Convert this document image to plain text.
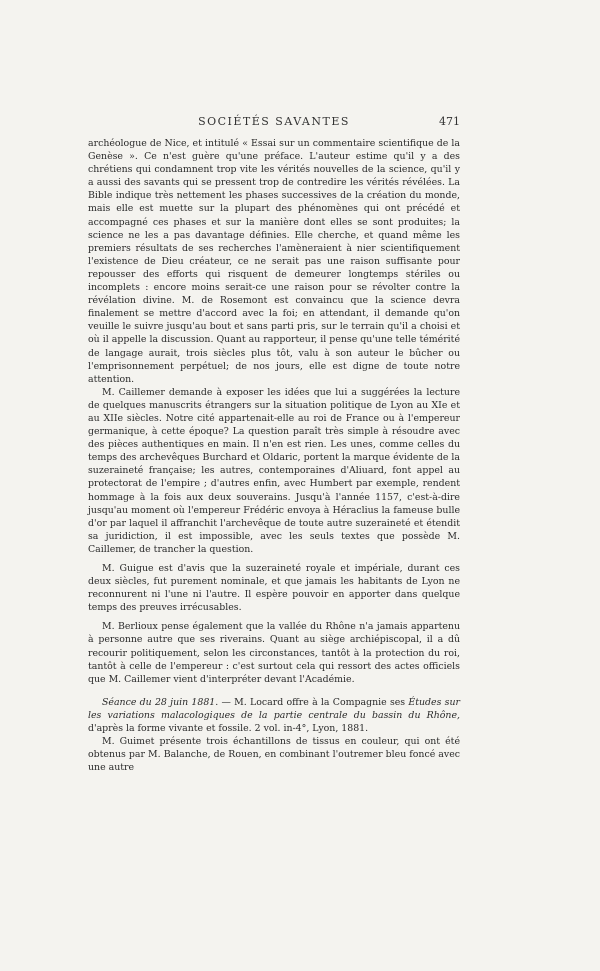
SOCIÉTÉS SAVANTES	471

archéologue de Nice, et intitulé « Essai sur un commentaire scientifique de la Genèse ». Ce n'est guère qu'une préface. L'auteur estime qu'il y a des chrétiens qui condamnent trop vite les vérités nouvelles de la science, qu'il y a aussi des savants qui se pressent trop de contredire les vérités révélées. La Bible indique très nettement les phases successives de la création du monde, mais elle est muette sur la plupart des phénomènes qui ont précédé et accompagné ces phases et sur la manière dont elles se sont produites; la science ne les a pas davantage définies. Elle cherche, et quand même les premiers résultats de ses recherches l'amèneraient à nier scientifiquement l'existence de Dieu créateur, ce ne serait pas une raison suffisante pour repousser des efforts qui risquent de demeurer longtemps stériles ou incomplets : encore moins serait-ce une raison pour se révolter contre la révélation divine. M. de Rosemont est convaincu que la science devra finalement se mettre d'accord avec la foi; en attendant, il demande qu'on veuille le suivre jusqu'au bout et sans parti pris, sur le terrain qu'il a choisi et où il appelle la discussion. Quant au rapporteur, il pense qu'une telle témérité de langage aurait, trois siècles plus tôt, valu à son auteur le bûcher ou l'emprisonnement perpétuel; de nos jours, elle est digne de toute notre attention.

M. Caillemer demande à exposer les idées que lui a suggérées la lecture de quelques manuscrits étrangers sur la situation politique de Lyon au XIe et au XIIe siècles. Notre cité appartenait-elle au roi de France ou à l'empereur germanique, à cette époque? La question paraît très simple à résoudre avec des pièces authentiques en main. Il n'en est rien. Les unes, comme celles du temps des archevêques Burchard et Oldaric, portent la marque évidente de la suzeraineté française; les autres, contemporaines d'Aliuard, font appel au protectorat de l'empire ; d'autres enfin, avec Humbert par exemple, rendent hommage à la fois aux deux souverains. Jusqu'à l'année 1157, c'est-à-dire jusqu'au moment où l'empereur Frédéric envoya à Héraclius la fameuse bulle d'or par laquel il affranchit l'archevêque de toute autre suzeraineté et étendit sa juridiction, il est impossible, avec les seuls textes que possède M. Caillemer, de trancher la question.

M. Guigue est d'avis que la suzeraineté royale et impériale, durant ces deux siècles, fut purement nominale, et que jamais les habitants de Lyon ne reconnurent ni l'une ni l'autre. Il espère pouvoir en apporter dans quelque temps des preuves irrécusables.

M. Berlioux pense également que la vallée du Rhône n'a jamais appartenu à personne autre que ses riverains. Quant au siège archiépiscopal, il a dû recourir politiquement, selon les circonstances, tantôt à la protection du roi, tantôt à celle de l'empereur : c'est surtout cela qui ressort des actes officiels que M. Caillemer vient d'interpréter devant l'Académie.

Séance du 28 juin 1881. — M. Locard offre à la Compagnie ses Études sur les variations malacologiques de la partie centrale du bassin du Rhône, d'après la forme vivante et fossile. 2 vol. in-4°, Lyon, 1881.

M. Guimet présente trois échantillons de tissus en couleur, qui ont été obtenus par M. Balanche, de Rouen, en combinant l'outremer bleu foncé avec une autre
